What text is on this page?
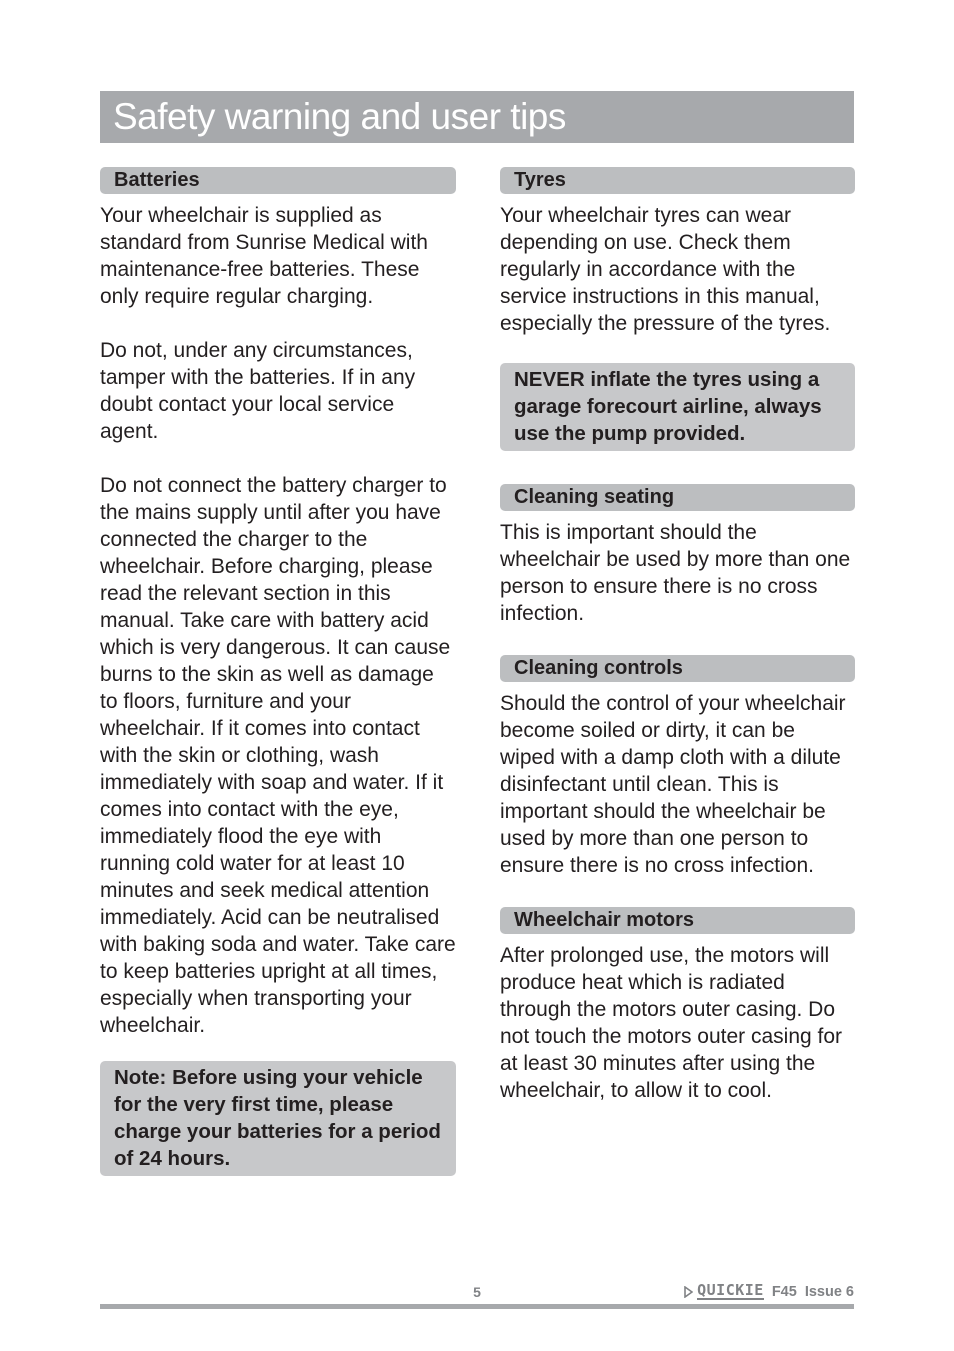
Safety warning and user tips
Batteries

Your wheelchair is supplied as standard from Sunrise Medical with maintenance-free batteries. These only require regular charging.

Do not, under any circumstances, tamper with the batteries. If in any doubt contact your local service agent.

Do not connect the battery charger to the mains supply until after you have connected the charger to the wheelchair. Before charging, please read the relevant section in this manual. Take care with battery acid which is very dangerous. It can cause burns to the skin as well as damage to floors, furniture and your wheelchair. If it comes into contact with the skin or clothing, wash immediately with soap and water. If it comes into contact with the eye, immediately flood the eye with running cold water for at least 10 minutes and seek medical attention immediately. Acid can be neutralised with baking soda and water. Take care to keep batteries upright at all times, especially when transporting your wheelchair.

Note: Before using your vehicle for the very first time, please charge your batteries for a period of 24 hours.
Tyres

Your wheelchair tyres can wear depending on use. Check them regularly in accordance with the service instructions in this manual, especially the pressure of the tyres.

NEVER inflate the tyres using a garage forecourt airline, always use the pump provided.
Cleaning seating

This is important should the wheelchair be used by more than one person to ensure there is no cross infection.

Cleaning controls

Should the control of your wheelchair become soiled or dirty, it can be wiped with a damp cloth with a dilute disinfectant until clean. This is important should the wheelchair be used by more than one person to ensure there is no cross infection.

Wheelchair motors

After prolonged use, the motors will produce heat which is radiated through the motors outer casing. Do not touch the motors outer casing for at least 30 minutes after using the wheelchair, to allow it to cool.

5	QUICKIE F45 Issue 6
